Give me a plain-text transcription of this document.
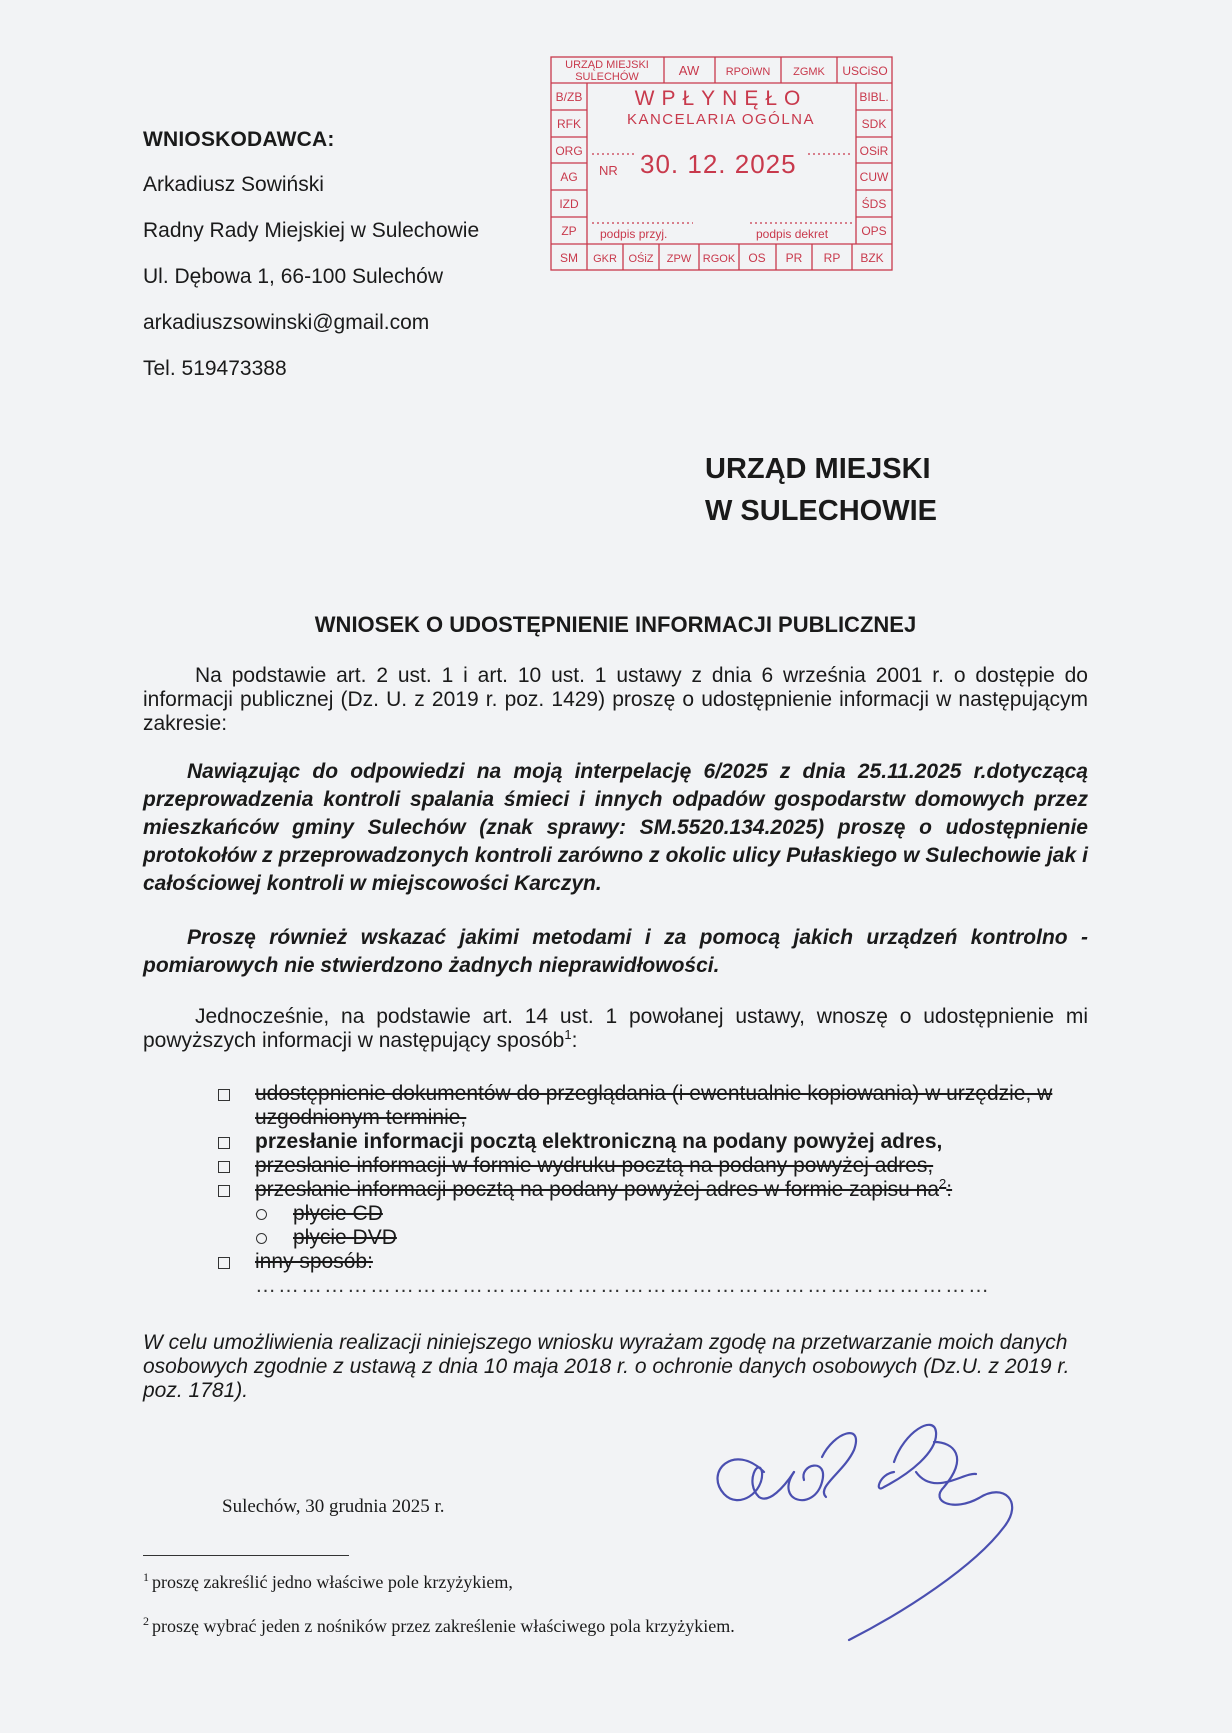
WNIOSKODAWCA:
Arkadiusz Sowiński
Radny Rady Miejskiej w Sulechowie
Ul. Dębowa 1, 66-100 Sulechów
arkadiuszsowinski@gmail.com
Tel. 519473388
URZĄD MIEJSKI
SULECHÓW	AW RPOiWN ZGMK USCiSO
B/ZB
RFK
ORG
AG
IZD
ZP
BIBL.
SDK
OSiR
CUW
ŚDS
OPS
SM GKR OŚiZ ZPW RGOK OS PR RP BZK
WPŁYNĘŁO
KANCELARIA OGÓLNA
NR 30. 12. 2025
podpis przyj.	podpis dekret
URZĄD MIEJSKI
W SULECHOWIE
WNIOSEK O UDOSTĘPNIENIE INFORMACJI PUBLICZNEJ
Na podstawie art. 2 ust. 1 i art. 10 ust. 1 ustawy z dnia 6 września 2001 r. o dostępie do informacji publicznej (Dz. U. z 2019 r. poz. 1429) proszę o udostępnienie informacji w następującym zakresie:
Nawiązując do odpowiedzi na moją interpelację 6/2025 z dnia 25.11.2025 r.dotyczącą przeprowadzenia kontroli spalania śmieci i innych odpadów gospodarstw domowych przez mieszkańców gminy Sulechów (znak sprawy: SM.5520.134.2025) proszę o udostępnienie protokołów z przeprowadzonych kontroli zarówno z okolic ulicy Pułaskiego w Sulechowie jak i całościowej kontroli w miejscowości Karczyn.
Proszę również wskazać jakimi metodami i za pomocą jakich urządzeń kontrolno - pomiarowych nie stwierdzono żadnych nieprawidłowości.
Jednocześnie, na podstawie art. 14 ust. 1 powołanej ustawy, wnoszę o udostępnienie mi powyższych informacji w następujący sposób$^1$:
udostępnienie dokumentów do przeglądania (i ewentualnie kopiowania) w urzędzie, w uzgodnionym terminie,
przesłanie informacji pocztą elektroniczną na podany powyżej adres,
przesłanie informacji w formie wydruku pocztą na podany powyżej adres,
przesłanie informacji pocztą na podany powyżej adres w formie zapisu na$^2$:
płycie CD
płycie DVD
inny sposób:
……………………………………………………………………………………
W celu umożliwienia realizacji niniejszego wniosku wyrażam zgodę na przetwarzanie moich danych osobowych zgodnie z ustawą z dnia 10 maja 2018 r. o ochronie danych osobowych (Dz.U. z 2019 r. poz. 1781).
Sulechów, 30 grudnia 2025 r.
$^1$ proszę zakreślić jedno właściwe pole krzyżykiem,
$^2$ proszę wybrać jeden z nośników przez zakreślenie właściwego pola krzyżykiem.
